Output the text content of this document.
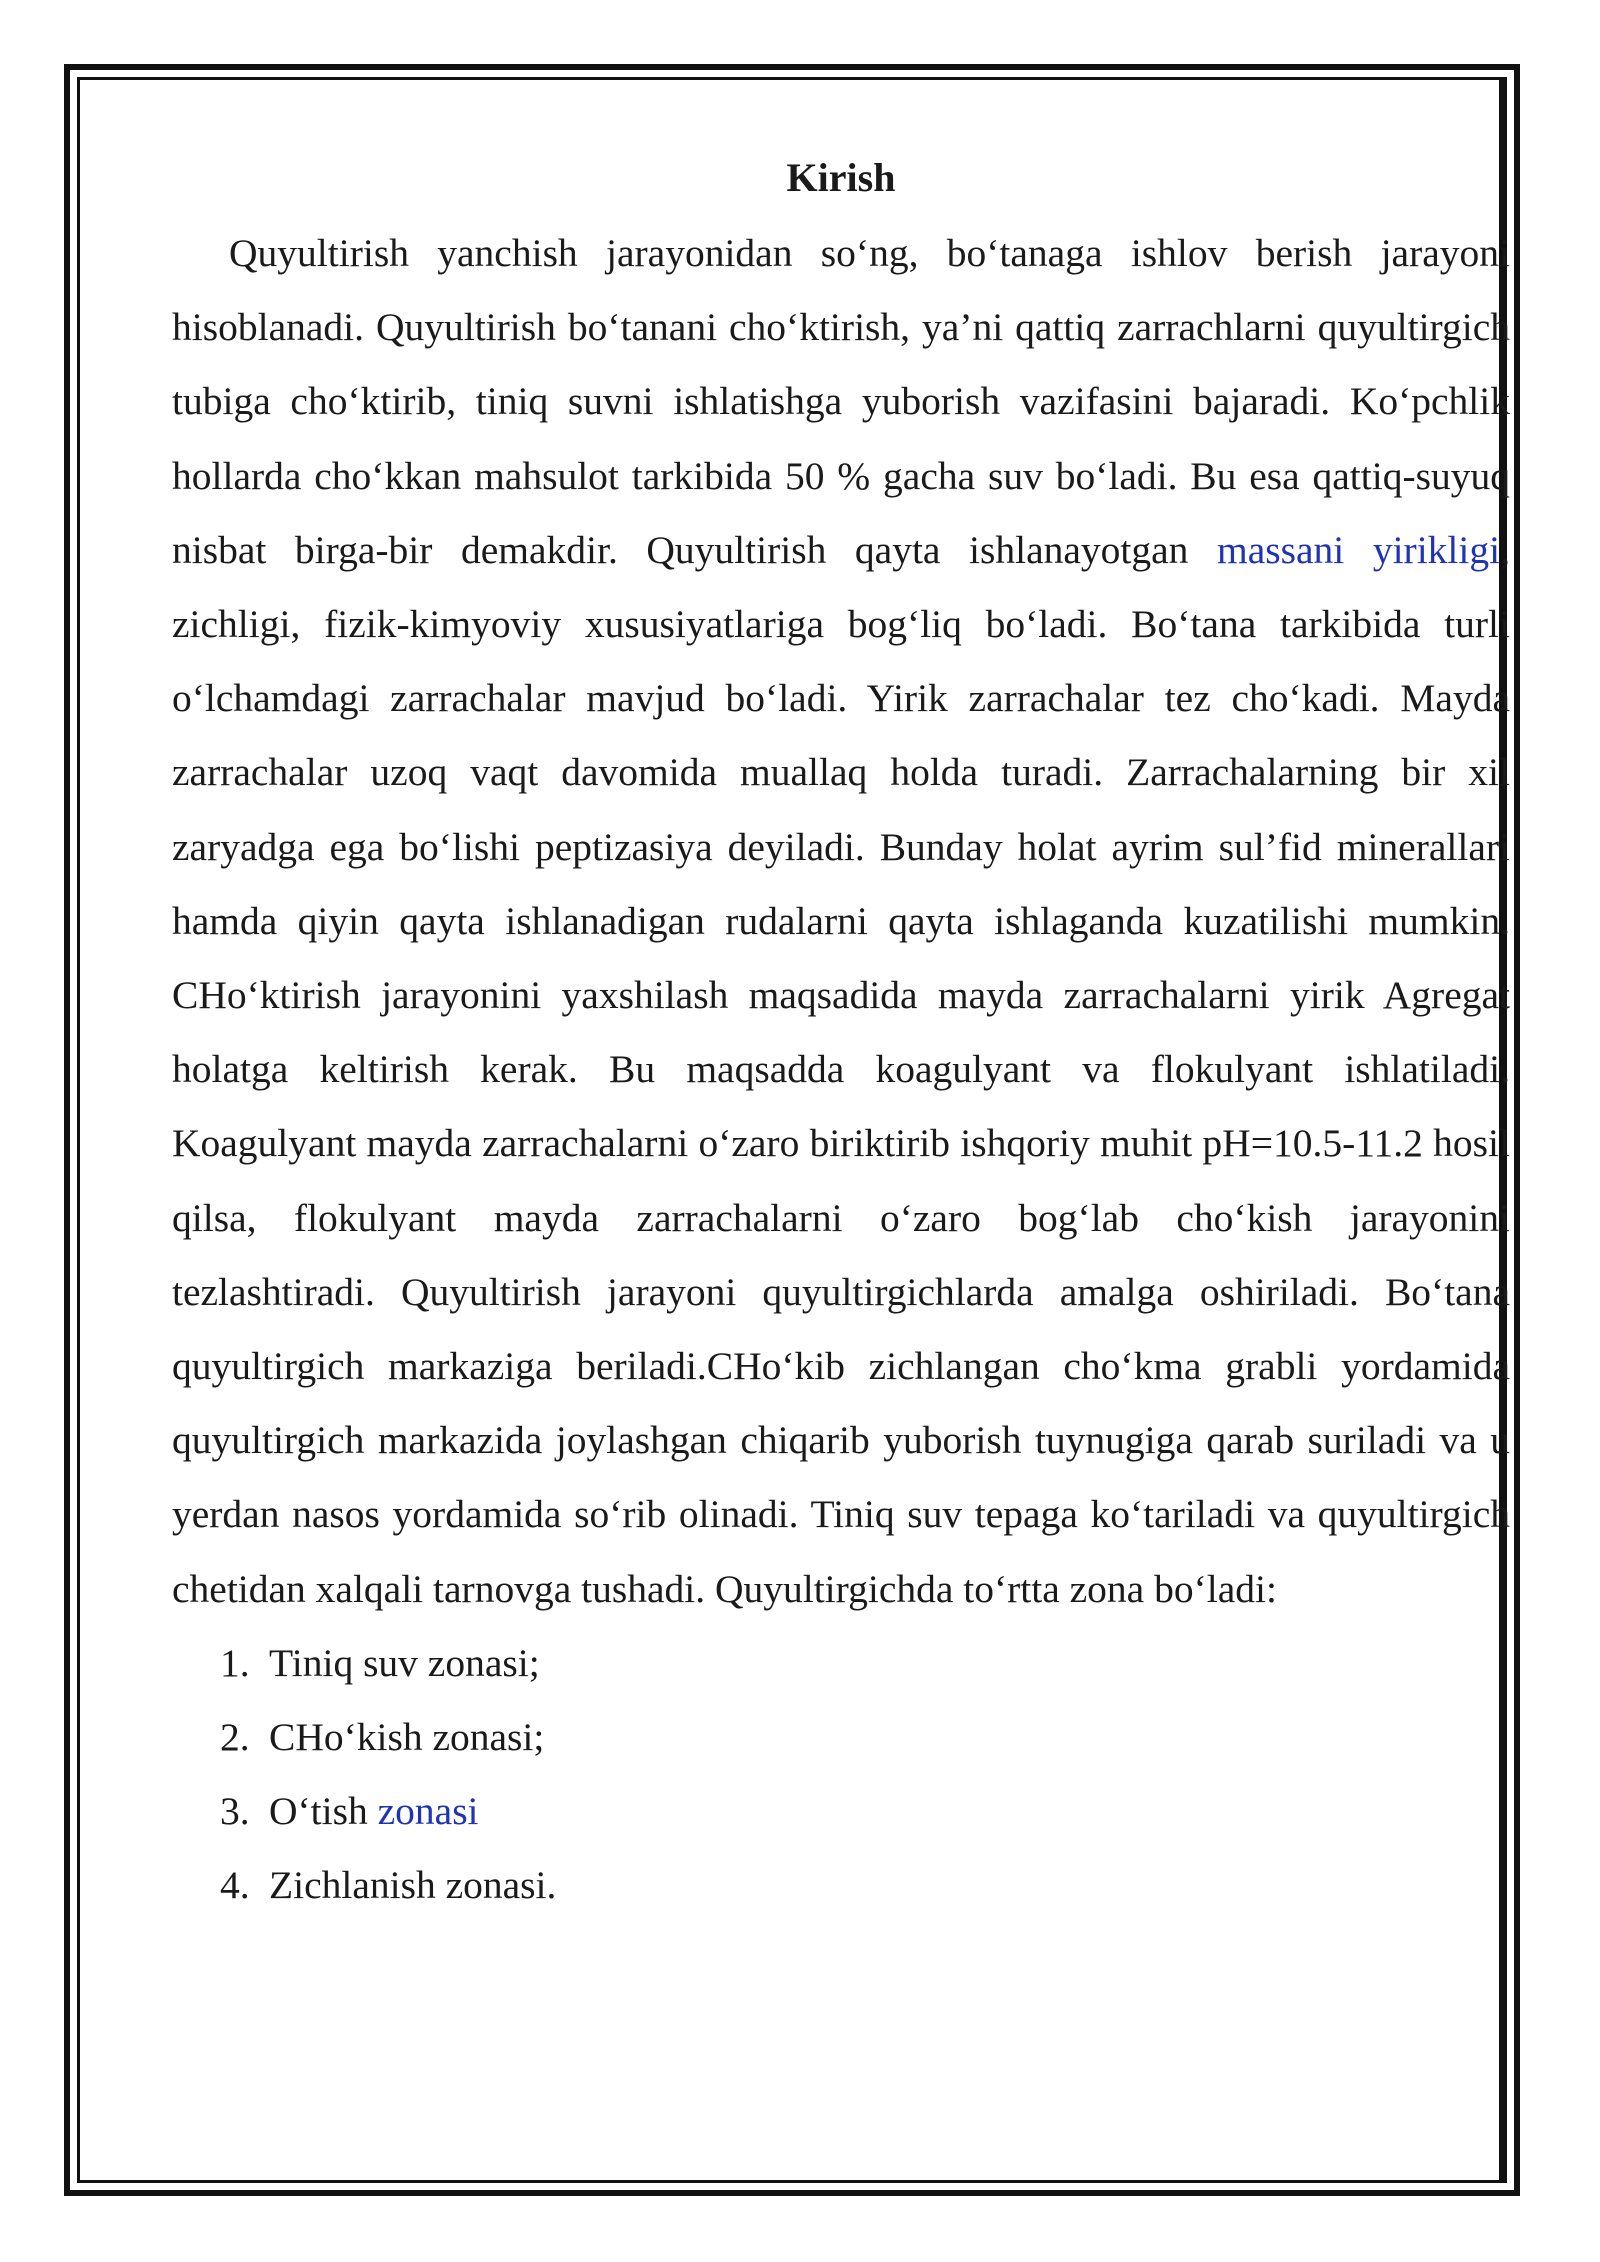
Kirish

Quyultirish yanchish jarayonidan so‘ng, bo‘tanaga ishlov berish jarayoni hisoblanadi. Quyultirish bo‘tanani cho‘ktirish, ya’ni qattiq zarrachlarni quyultirgich tubiga cho‘ktirib, tiniq suvni ishlatishga yuborish vazifasini bajaradi. Ko‘pchlik hollarda cho‘kkan mahsulot tarkibida 50 % gacha suv bo‘ladi. Bu esa qattiq-suyuq nisbat birga-bir demakdir. Quyultirish qayta ishlanayotgan massani yirikligi, zichligi, fizik-kimyoviy xususiyatlariga bog‘liq bo‘ladi. Bo‘tana tarkibida turli o‘lchamdagi zarrachalar mavjud bo‘ladi. Yirik zarrachalar tez cho‘kadi. Mayda zarrachalar uzoq vaqt davomida muallaq holda turadi. Zarrachalarning bir xil zaryadga ega bo‘lishi peptizasiya deyiladi. Bunday holat ayrim sul’fid minerallari hamda qiyin qayta ishlanadigan rudalarni qayta ishlaganda kuzatilishi mumkin. CHo‘ktirish jarayonini yaxshilash maqsadida mayda zarrachalarni yirik Agregat holatga keltirish kerak. Bu maqsadda koagulyant va flokulyant ishlatiladi. Koagulyant mayda zarrachalarni o‘zaro biriktirib ishqoriy muhit pH=10.5-11.2 hosil qilsa, flokulyant mayda zarrachalarni o‘zaro bog‘lab cho‘kish jarayonini tezlashtiradi. Quyultirish jarayoni quyultirgichlarda amalga oshiriladi. Bo‘tana quyultirgich markaziga beriladi.CHo‘kib zichlangan cho‘kma grabli yordamida quyultirgich markazida joylashgan chiqarib yuborish tuynugiga qarab suriladi va u yerdan nasos yordamida so‘rib olinadi. Tiniq suv tepaga ko‘tariladi va quyultirgich chetidan xalqali tarnovga tushadi. Quyultirgichda to‘rtta zona bo‘ladi:

1. Tiniq suv zonasi;
2. CHo‘kish zonasi;
3. O‘tish zonasi
4. Zichlanish zonasi.
